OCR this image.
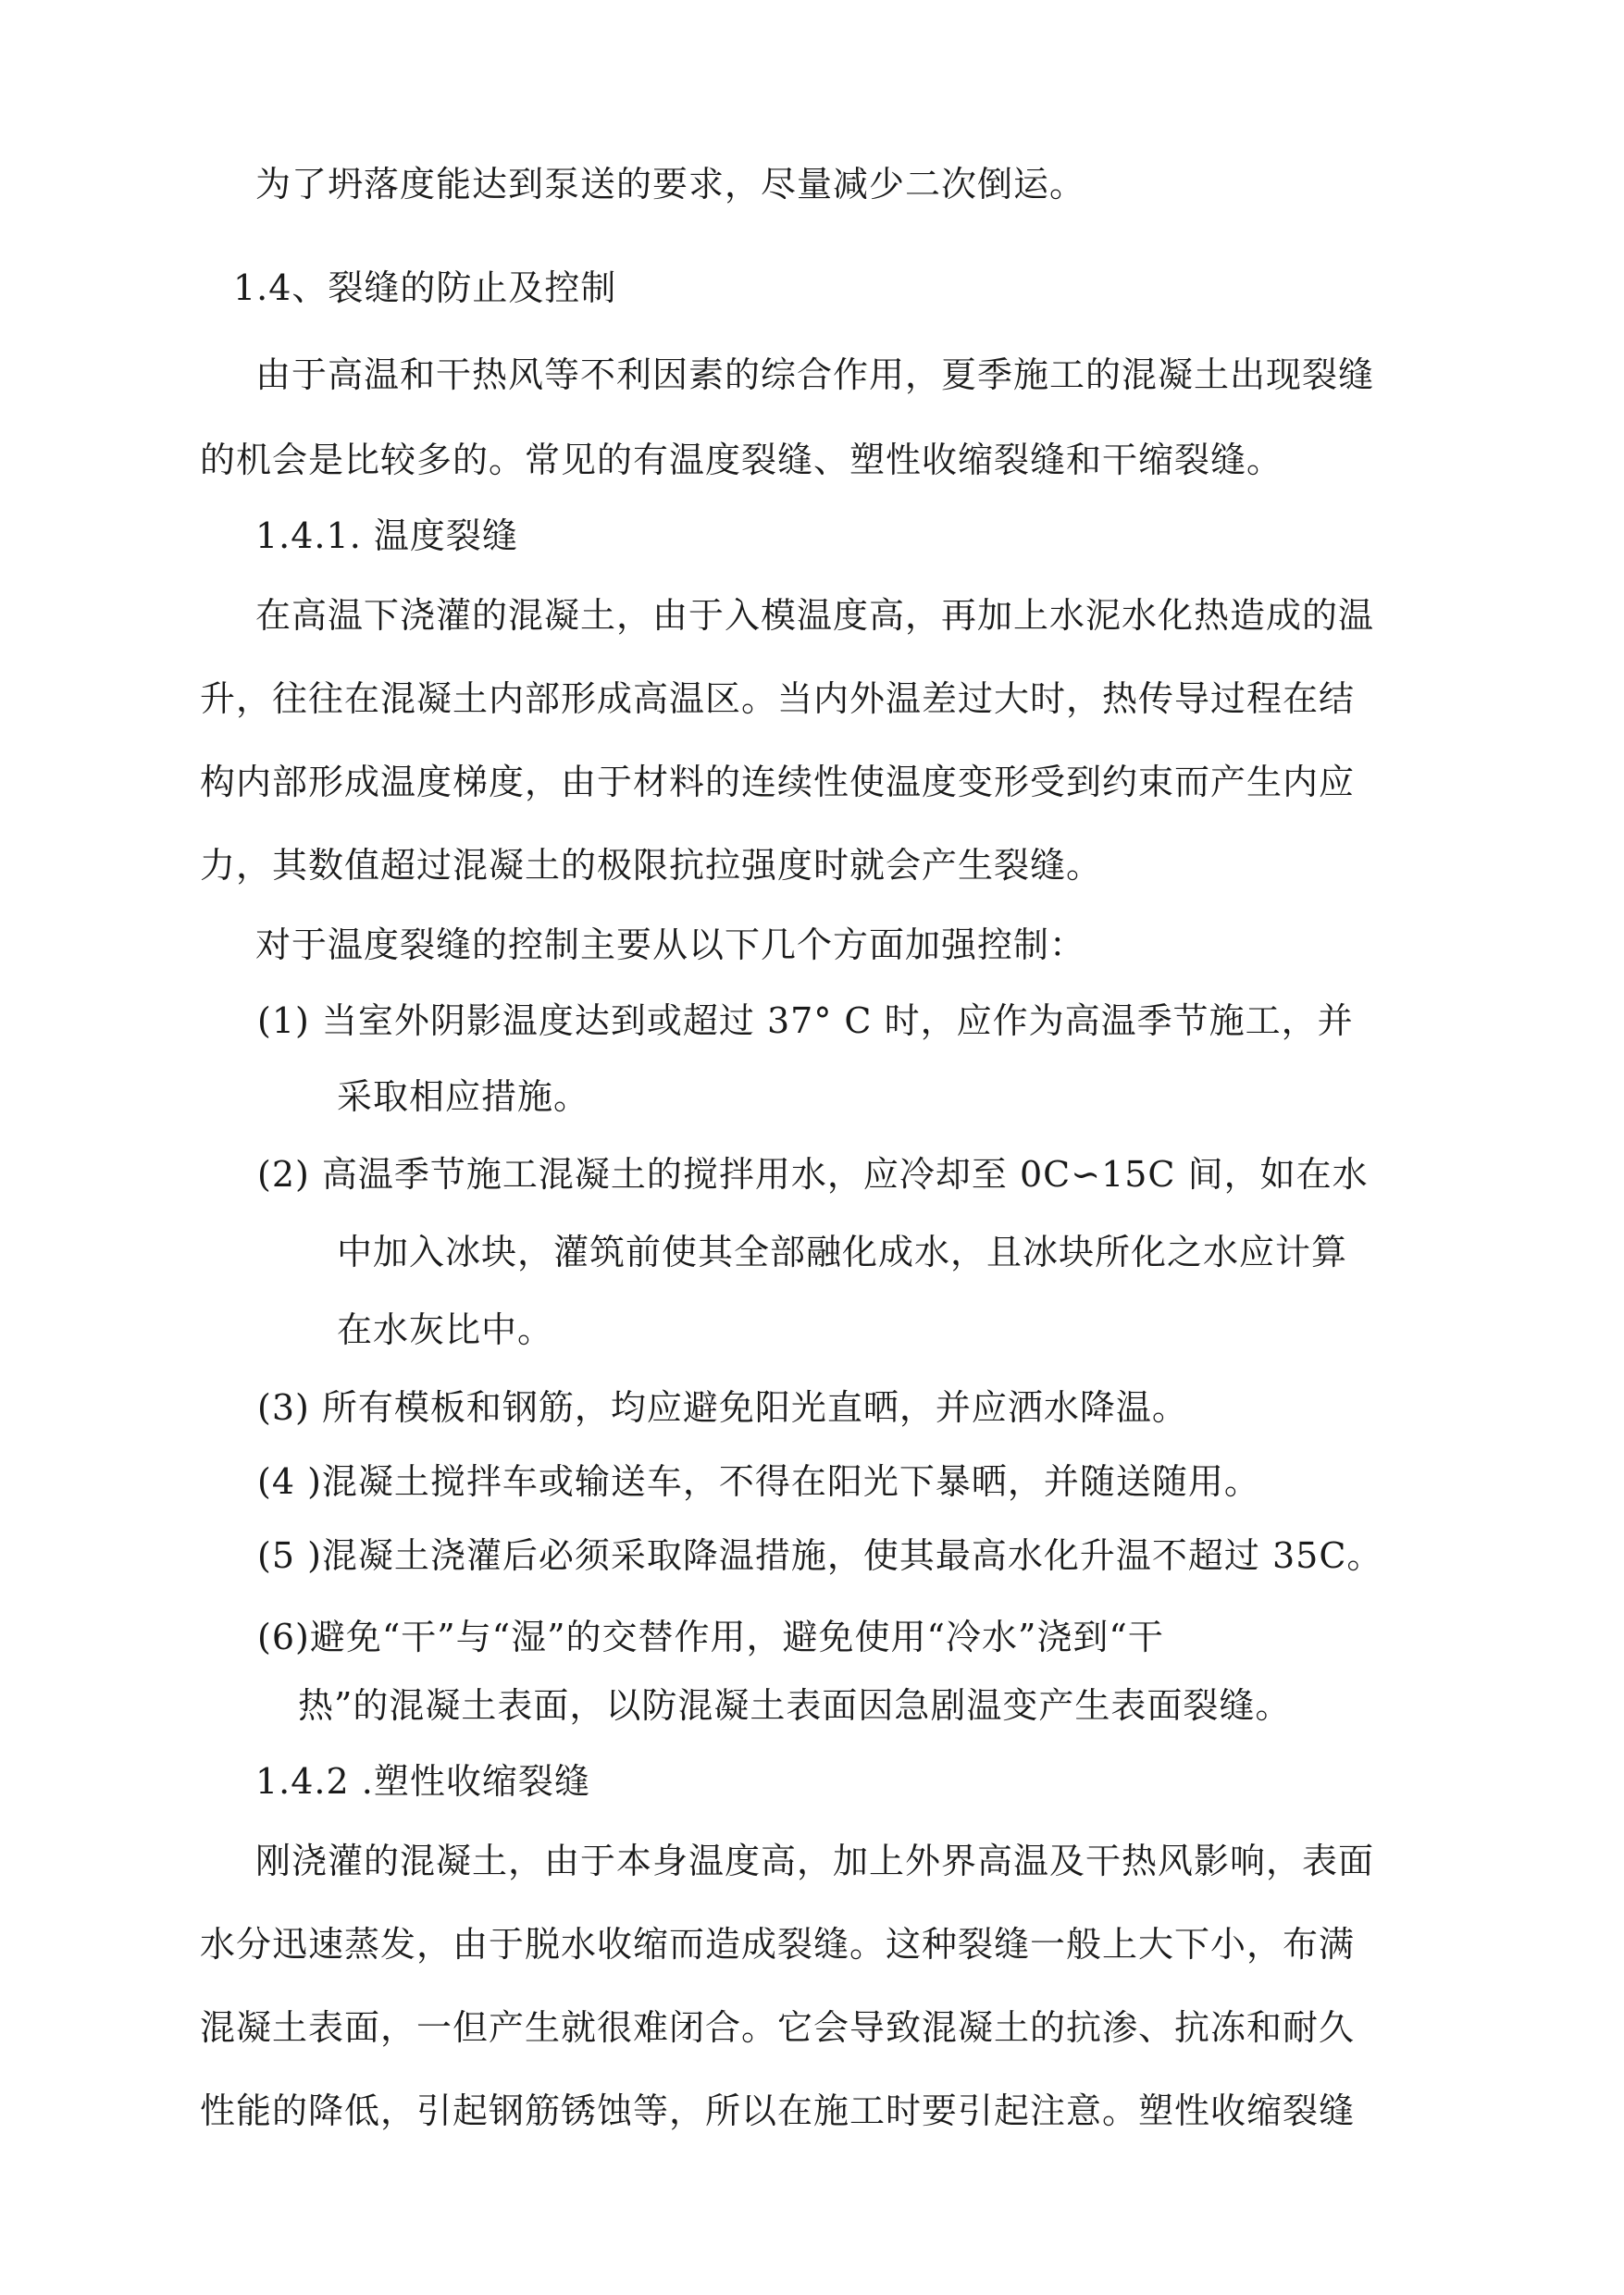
为了坍落度能达到泵送的要求，尽量减少二次倒运。
1.4、裂缝的防止及控制
由于高温和干热风等不利因素的综合作用，夏季施工的混凝土出现裂缝
的机会是比较多的。常见的有温度裂缝、塑性收缩裂缝和干缩裂缝。
1.4.1. 温度裂缝
在高温下浇灌的混凝土，由于入模温度高，再加上水泥水化热造成的温
升，往往在混凝土内部形成高温区。当内外温差过大时，热传导过程在结
构内部形成温度梯度，由于材料的连续性使温度变形受到约束而产生内应
力，其数值超过混凝土的极限抗拉强度时就会产生裂缝。
对于温度裂缝的控制主要从以下几个方面加强控制：
(1) 当室外阴影温度达到或超过 37° C 时，应作为高温季节施工，并
采取相应措施。
(2) 高温季节施工混凝土的搅拌用水，应冷却至 0C∽15C 间，如在水
中加入冰块，灌筑前使其全部融化成水，且冰块所化之水应计算
在水灰比中。
(3) 所有模板和钢筋，均应避免阳光直晒，并应洒水降温。
(4 )混凝土搅拌车或输送车，不得在阳光下暴晒，并随送随用。
(5 )混凝土浇灌后必须采取降温措施，使其最高水化升温不超过 35C。
(6)避免“干”与“湿”的交替作用，避免使用“冷水”浇到“干
热”的混凝土表面，以防混凝土表面因急剧温变产生表面裂缝。
1.4.2 .塑性收缩裂缝
刚浇灌的混凝土，由于本身温度高，加上外界高温及干热风影响，表面
水分迅速蒸发，由于脱水收缩而造成裂缝。这种裂缝一般上大下小，布满
混凝土表面，一但产生就很难闭合。它会导致混凝土的抗渗、抗冻和耐久
性能的降低，引起钢筋锈蚀等，所以在施工时要引起注意。塑性收缩裂缝
